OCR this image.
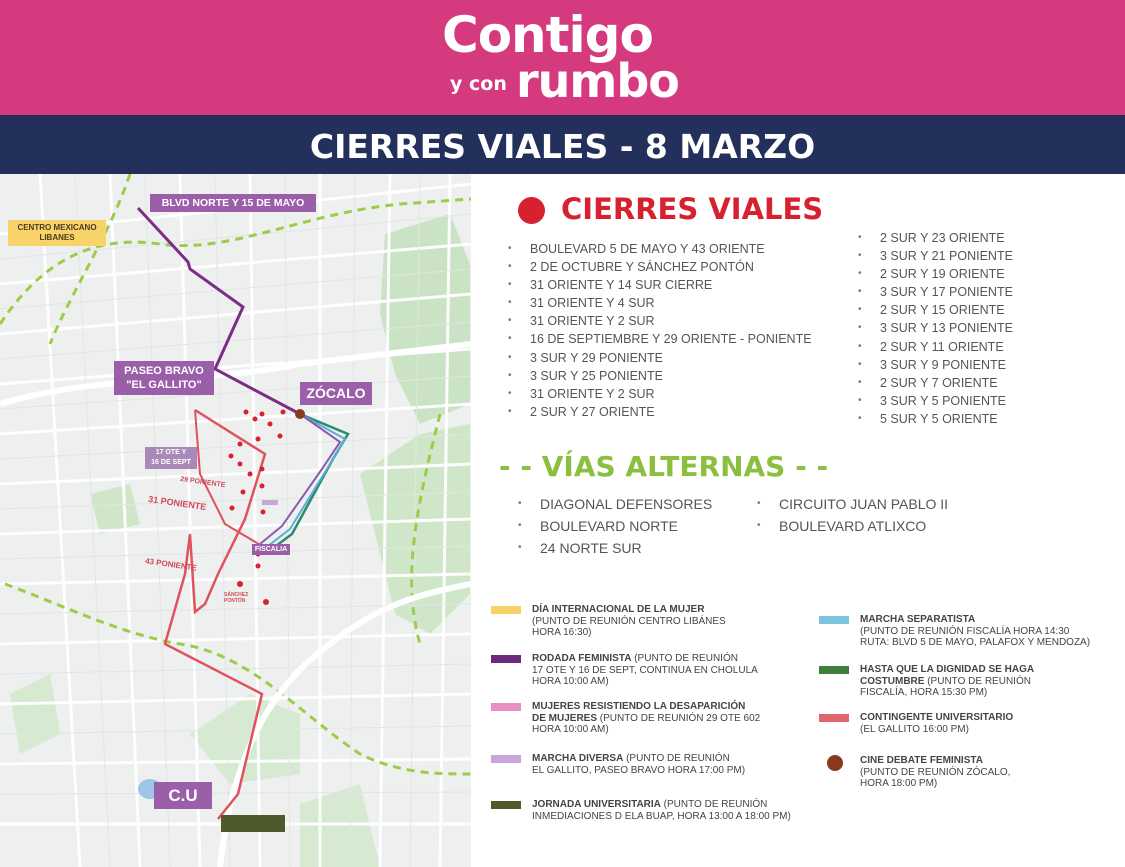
Contigo
y con rumbo
CIERRES VIALES - 8 MARZO
CENTRO MEXICANO LIBANES
BLVD NORTE Y 15 DE MAYO
PASEO BRAVO
"EL GALLITO"	ZÓCALO
17 OTE Y
16 DE SEPT
29 PONIENTE
31 PONIENTE
43 PONIENTE
FISCALIA
SÁNCHEZ
PONTÓN
C.U
CIERRES VIALES
• BOULEVARD 5 DE MAYO Y 43 ORIENTE
• 2 DE OCTUBRE Y SÁNCHEZ PONTÓN
• 31 ORIENTE Y 14 SUR CIERRE
• 31 ORIENTE Y 4 SUR
• 31 ORIENTE Y 2 SUR
• 16 DE SEPTIEMBRE Y 29 ORIENTE - PONIENTE
• 3 SUR Y 29 PONIENTE
• 3 SUR Y 25 PONIENTE
• 31 ORIENTE Y 2 SUR
• 2 SUR Y 27 ORIENTE
• 2 SUR Y 23 ORIENTE
• 3 SUR Y 21 PONIENTE
• 2 SUR Y 19 ORIENTE
• 3 SUR Y 17 PONIENTE
• 2 SUR Y 15 ORIENTE
• 3 SUR Y 13 PONIENTE
• 2 SUR Y 11 ORIENTE
• 3 SUR Y 9 PONIENTE
• 2 SUR Y 7 ORIENTE
• 3 SUR Y 5 PONIENTE
• 5 SUR Y 5 ORIENTE
- - VÍAS ALTERNAS - -
• DIAGONAL DEFENSORES
• BOULEVARD NORTE
• 24 NORTE SUR
• CIRCUITO JUAN PABLO II
• BOULEVARD ATLIXCO
DÍA INTERNACIONAL DE LA MUJER
(PUNTO DE REUNIÓN CENTRO LIBÁNES
HORA 16:30)
RODADA FEMINISTA (PUNTO DE REUNIÓN
17 OTE Y 16 DE SEPT, CONTINUA EN CHOLULA
HORA 10:00 AM)
MUJERES RESISTIENDO LA DESAPARICIÓN
DE MUJERES (PUNTO DE REUNIÓN 29 OTE 602
HORA 10:00 AM)
MARCHA DIVERSA (PUNTO DE REUNIÓN
EL GALLITO, PASEO BRAVO HORA 17:00 PM)
JORNADA UNIVERSITARIA (PUNTO DE REUNIÓN
INMEDIACIONES D ELA BUAP, HORA 13:00 A 18:00 PM)
MARCHA SEPARATISTA
(PUNTO DE REUNIÓN FISCALÍA HORA 14:30
RUTA: BLVD 5 DE MAYO, PALAFOX Y MENDOZA)
HASTA QUE LA DIGNIDAD SE HAGA
COSTUMBRE (PUNTO DE REUNIÓN
FISCALÍA, HORA 15:30 PM)
CONTINGENTE UNIVERSITARIO
(EL GALLITO 16:00 PM)
CINE DEBATE FEMINISTA
(PUNTO DE REUNIÓN ZÓCALO,
HORA 18:00 PM)
